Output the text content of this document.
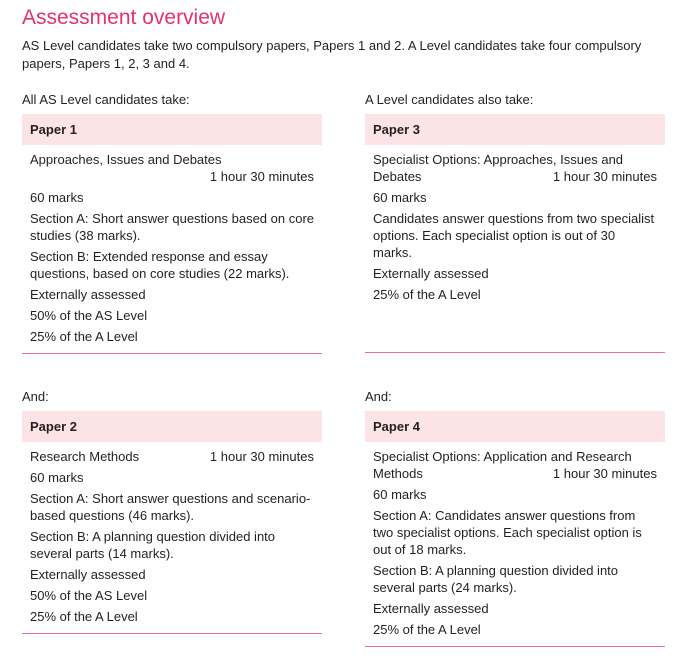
Assessment overview

AS Level candidates take two compulsory papers, Papers 1 and 2. A Level candidates take four compulsory papers, Papers 1, 2, 3 and 4.

All AS Level candidates take:

Paper 1

Approaches, Issues and Debates

1 hour 30 minutes

60 marks

Section A: Short answer questions based on core studies (38 marks).

Section B: Extended response and essay questions, based on core studies (22 marks).

Externally assessed

50% of the AS Level

25% of the A Level

A Level candidates also take:

Paper 3

Specialist Options: Approaches, Issues and Debates	1 hour 30 minutes

60 marks

Candidates answer questions from two specialist options. Each specialist option is out of 30 marks.

Externally assessed

25% of the A Level

And:

Paper 2

Research Methods	1 hour 30 minutes

60 marks

Section A: Short answer questions and scenario-based questions (46 marks).

Section B: A planning question divided into several parts (14 marks).

Externally assessed

50% of the AS Level

25% of the A Level

And:

Paper 4

Specialist Options: Application and Research Methods	1 hour 30 minutes

60 marks

Section A: Candidates answer questions from two specialist options. Each specialist option is out of 18 marks.

Section B: A planning question divided into several parts (24 marks).

Externally assessed

25% of the A Level
